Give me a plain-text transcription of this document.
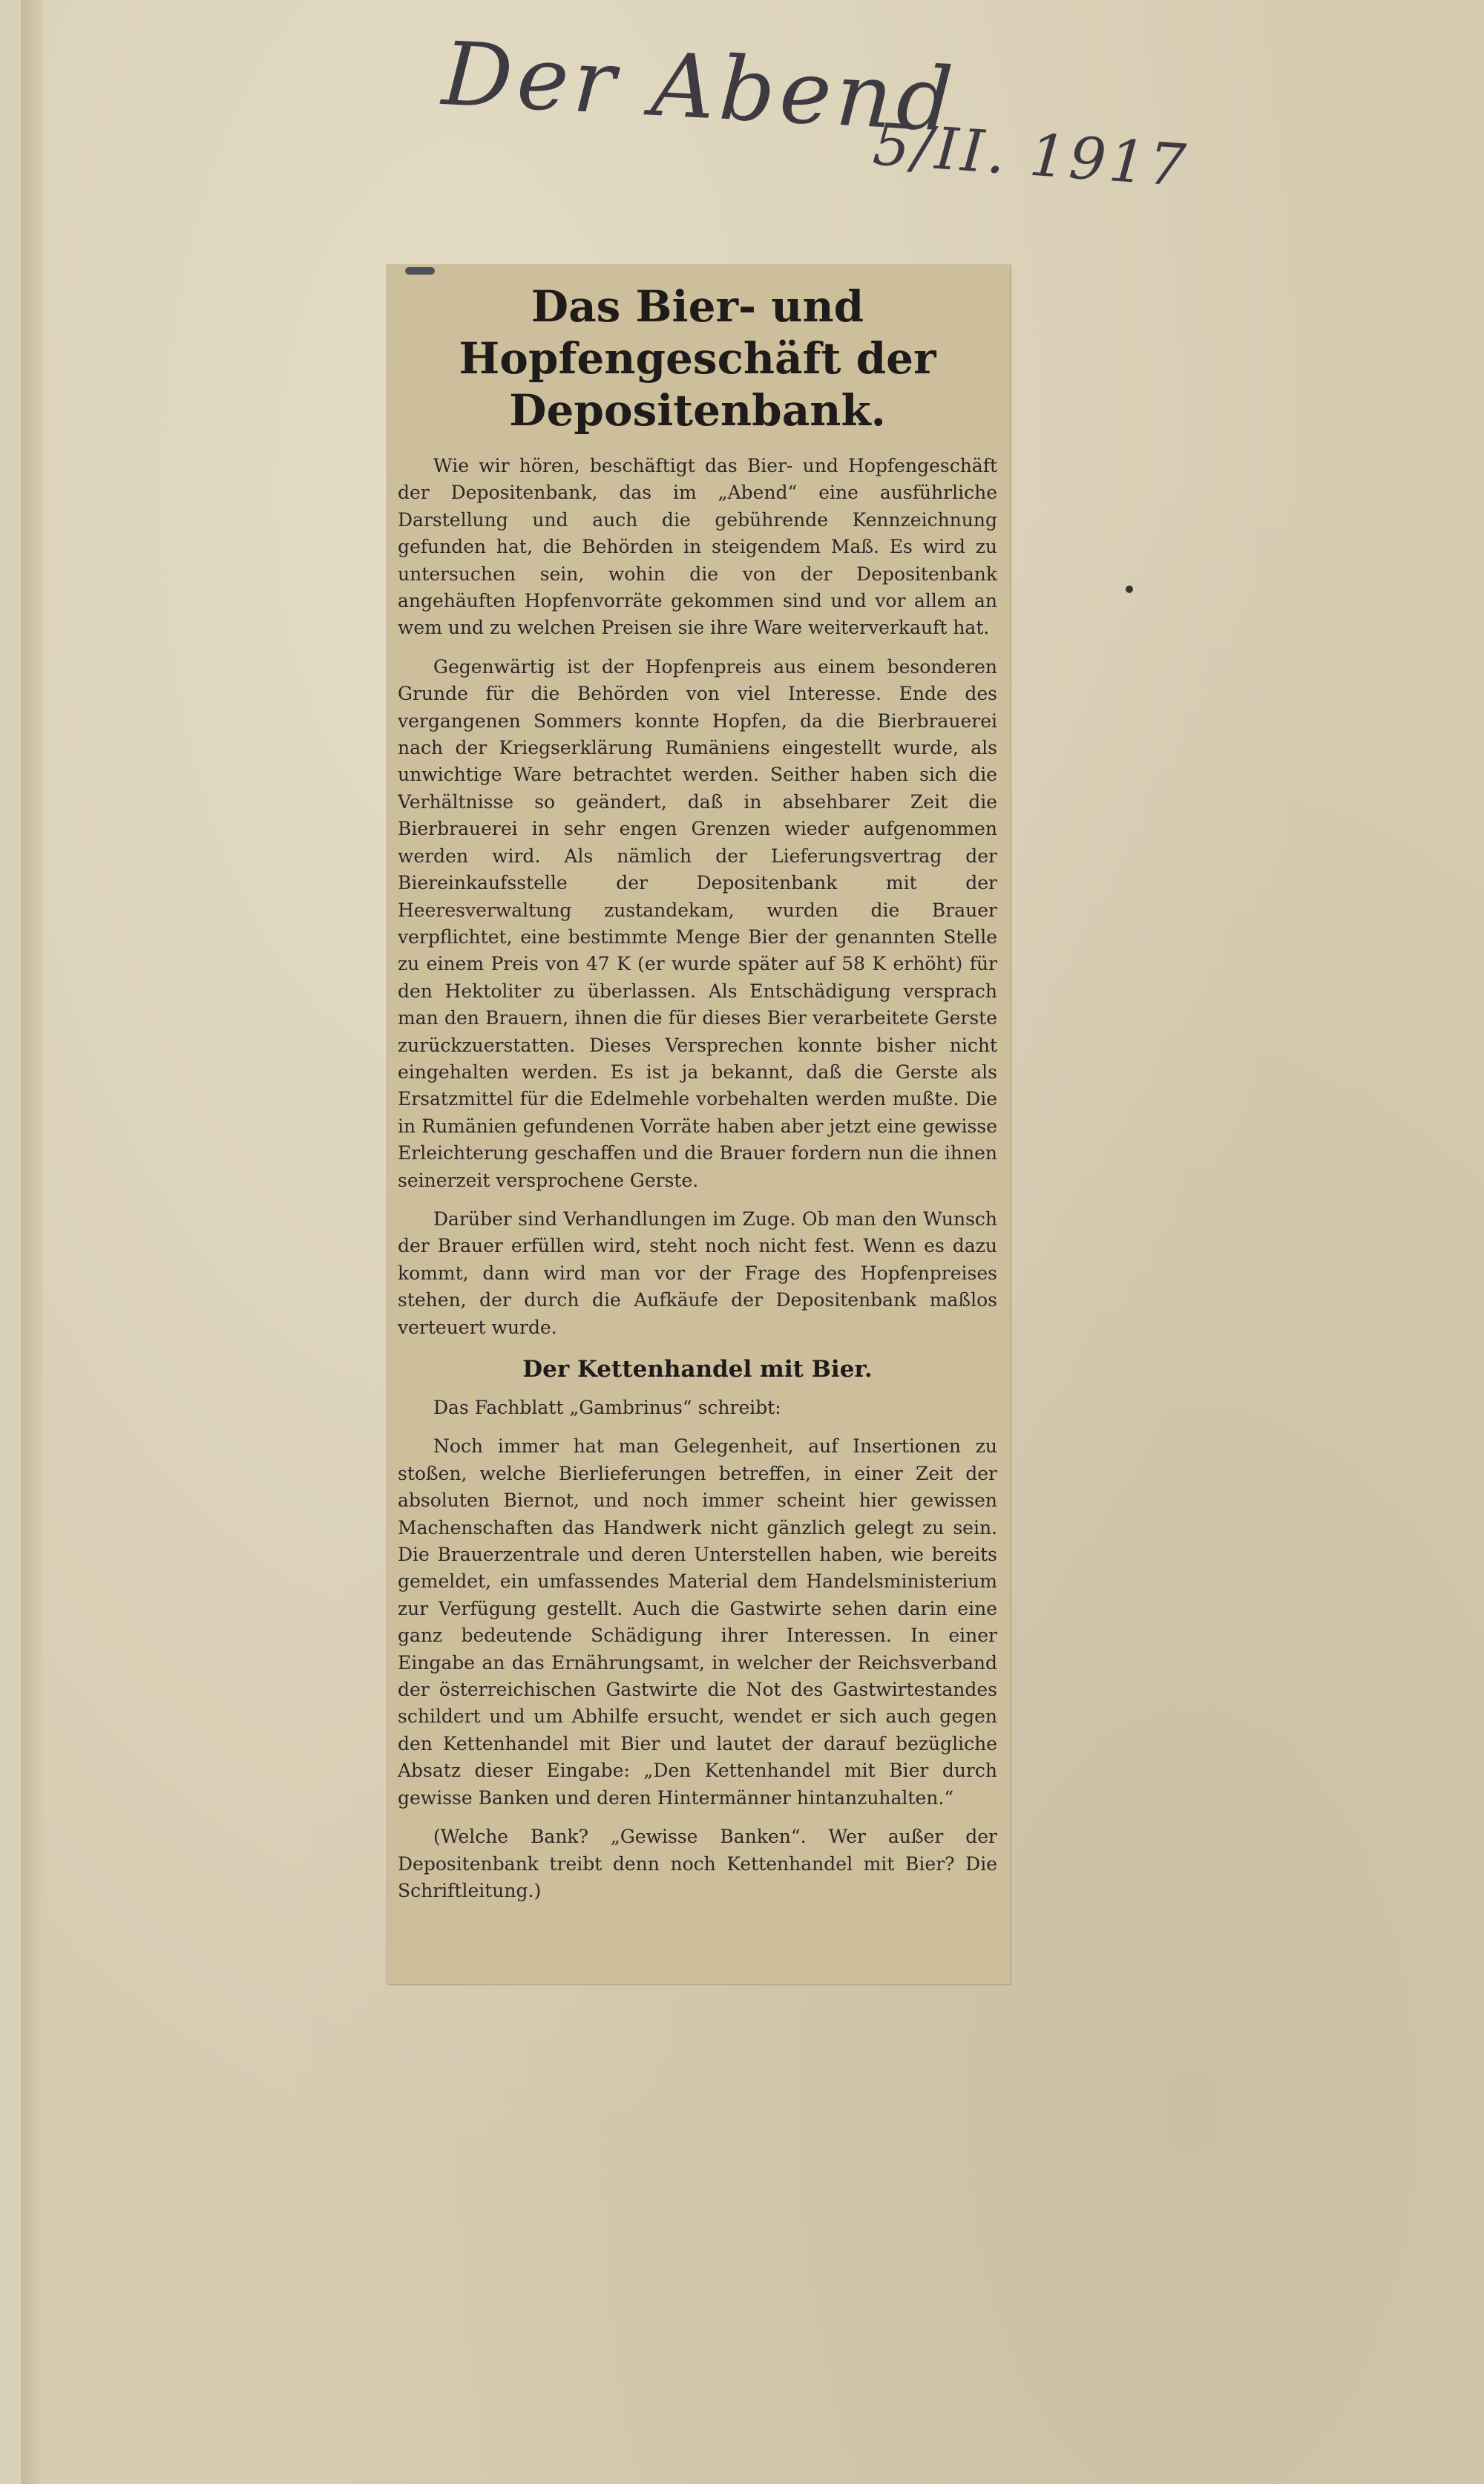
Der Abend
5/II. 1917
Das Bier- und Hopfengeschäft der Depositenbank.

Wie wir hören, beschäftigt das Bier- und Hopfengeschäft der Depositenbank, das im „Abend“ eine ausführliche Darstellung und auch die gebührende Kennzeichnung gefunden hat, die Behörden in steigendem Maß. Es wird zu untersuchen sein, wohin die von der Depositenbank angehäuften Hopfenvorräte gekommen sind und vor allem an wem und zu welchen Preisen sie ihre Ware weiterverkauft hat.

Gegenwärtig ist der Hopfenpreis aus einem besonderen Grunde für die Behörden von viel Interesse. Ende des vergangenen Sommers konnte Hopfen, da die Bierbrauerei nach der Kriegserklärung Rumäniens eingestellt wurde, als unwichtige Ware betrachtet werden. Seither haben sich die Verhältnisse so geändert, daß in absehbarer Zeit die Bierbrauerei in sehr engen Grenzen wieder aufgenommen werden wird. Als nämlich der Lieferungsvertrag der Biereinkaufsstelle der Depositenbank mit der Heeresverwaltung zustandekam, wurden die Brauer verpflichtet, eine bestimmte Menge Bier der genannten Stelle zu einem Preis von 47 K (er wurde später auf 58 K erhöht) für den Hektoliter zu überlassen. Als Entschädigung versprach man den Brauern, ihnen die für dieses Bier verarbeitete Gerste zurückzuerstatten. Dieses Versprechen konnte bisher nicht eingehalten werden. Es ist ja bekannt, daß die Gerste als Ersatzmittel für die Edelmehle vorbehalten werden mußte. Die in Rumänien gefundenen Vorräte haben aber jetzt eine gewisse Erleichterung geschaffen und die Brauer fordern nun die ihnen seinerzeit versprochene Gerste.

Darüber sind Verhandlungen im Zuge. Ob man den Wunsch der Brauer erfüllen wird, steht noch nicht fest. Wenn es dazu kommt, dann wird man vor der Frage des Hopfenpreises stehen, der durch die Aufkäufe der Depositenbank maßlos verteuert wurde.

Der Kettenhandel mit Bier.

Das Fachblatt „Gambrinus“ schreibt:

Noch immer hat man Gelegenheit, auf Insertionen zu stoßen, welche Bierlieferungen betreffen, in einer Zeit der absoluten Biernot, und noch immer scheint hier gewissen Machenschaften das Handwerk nicht gänzlich gelegt zu sein. Die Brauerzentrale und deren Unterstellen haben, wie bereits gemeldet, ein umfassendes Material dem Handelsministerium zur Verfügung gestellt. Auch die Gastwirte sehen darin eine ganz bedeutende Schädigung ihrer Interessen. In einer Eingabe an das Ernährungsamt, in welcher der Reichsverband der österreichischen Gastwirte die Not des Gastwirtestandes schildert und um Abhilfe ersucht, wendet er sich auch gegen den Kettenhandel mit Bier und lautet der darauf bezügliche Absatz dieser Eingabe: „Den Kettenhandel mit Bier durch gewisse Banken und deren Hintermänner hintanzuhalten.“

(Welche Bank? „Gewisse Banken“. Wer außer der Depositenbank treibt denn noch Kettenhandel mit Bier? Die Schriftleitung.)
